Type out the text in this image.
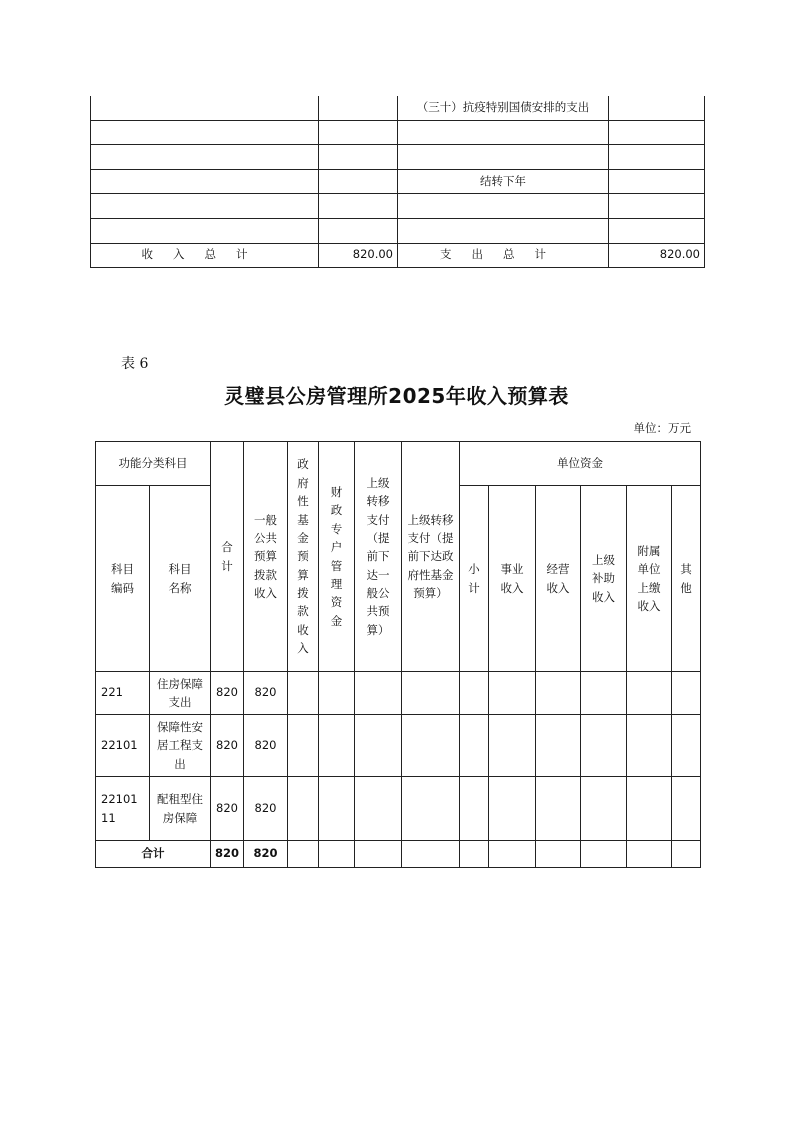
		（三十）抗疫特别国债安排的支出	

		结转下年	

收入总计	820.00	支出总计	820.00
表 6
灵璧县公房管理所2025年收入预算表
单位：万元
功能分类科目		合计	一般公共预算拨款收入	政府性基金预算拨款收入	财政专户管理资金	上级转移支付（提前下达一般公共预算）	上级转移支付（提前下达政府性基金预算）	单位资金					

科目编码	科目名称							小计	事业收入	经营收入	上级补助收入	附属单位上缴收入	其他

221	住房保障支出	820	820										
22101	保障性安居工程支出	820	820										

2210111	配租型住房保障	820	820										
合计		820	820										
